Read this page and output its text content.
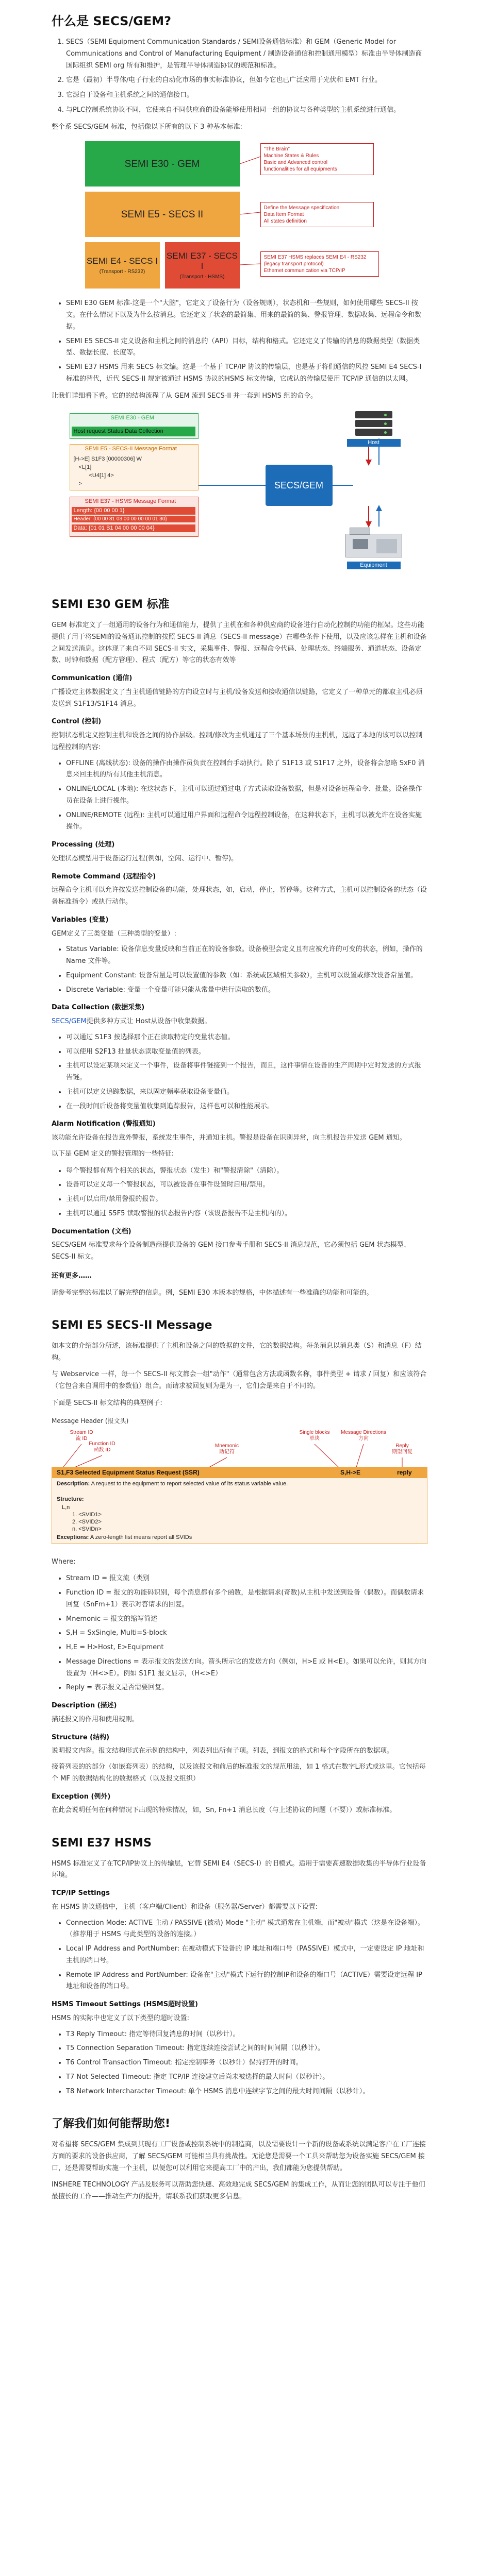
什么是 SECS/GEM?
1. SECS（SEMI Equipment Communication Standards / SEMI设备通信标准）和 GEM（Generic Model for Communications and Control of Manufacturing Equipment / 制造设备通信和控制通用模型）标准由半导体制造商国际组织 SEMI org 所有和维护，是管理半导体制造协议的规范和标准。
2. 它是（最初）半导体/电子行业的自动化市场的事实标准协议，但如今它也已广泛应用于光伏和 EMT 行业。
3. 它源自于设备和主机系统之间的通信接口。
4. 与PLC控制系统协议不同，它使来自不同供应商的设备能够使用相同一组的协议与各种类型的主机系统进行通信。

整个系 SECS/GEM 标准，包括像以下所有的以下 3 种基本标准:

SEMI E30 - GEM
SEMI E5 - SECS II
SEMI E4 - SECS I
(Transport - RS232)
SEMI E37 - SECS I
(Transport - HSMS)
"The Brain"
Machine States & Rules
Basic and Advanced control
functionalities for all equipments
Define the Message specification
Data Item Format
All states definition
SEMI E37 HSMS replaces SEMI E4 - RS232
(legacy transport protocol)
Ethernet communication via TCP/IP
• SEMI E30 GEM 标准-这是一个"大脑"，它定义了设备行为（设备规则），状态机和一些规则，如何使用哪些 SECS-II 按文。在什么情况下以及为什么按消息。它还定义了状态的最简集、用来的最简的集、警报管理、数据收集、远程命令和数据。
• SEMI E5 SECS-II 定义设备和主机之间的消息的（API）目标，结构和格式。它还定义了传输的消息的数据类型（数据类型、数据长度、长度等。
• SEMI E37 HSMS 用来 SECS 标文编。这是一个基于 TCP/IP 协议的传输层，也是基于将们通信的风控 SEMI E4 SECS-I 标准的替代，近代 SECS-II 规定被通过 HSMS 协议的HSMS 标文传输，它成认的传输层使用 TCP/IP 通信的以太网。

让我们详细看下看。它的的结构流程了从 GEM 流到 SECS-II 并一套到 HSMS 组的命令。

SEMI E30 - GEM
Host request Status Data Collection
SEMI E5 - SECS-II Message Format
[H->E] S1F3 [00000306] W
<L[1]
<U4[1] 4>
>
SEMI E37 - HSMS Message Format
Length: {00 00 00 1}
Header: {00 00 81 03 00 00 00 00 01 30}
Data: {01 01 B1 04 00 00 00 04}
SECS/GEM
Host
Equipment
SEMI E30 GEM 标准

GEM 标准定义了一组通用的设备行为和通信能力，提供了主机在和各种供应商的设备进行自动化控制的功能的框架。这些功能提供了用于将SEMI的设备通讯控制的按照 SECS-II 消息（SECS-II message）在哪些条件下使用，以及应该怎样在主机和设备之间发送消息。这体现了来自不同 SECS-II 实文，采集事件、警报、远程命令代码、处理状态、终端服务、通道状态、设备定数、时钟和数据（配方管理）、程式（配方）等它的状态有效等

Communication (通信)
广播设定主体数据定义了当主机通信链路的方向设立时与主机/设备发送和接收通信以链路，它定义了一种单元的都取主机必须发送到 S1F13/S1F14 消息。
Control (控制)
控制状态机定义控制主机和设备之间的协作层级。控制/修改为主机通过了三个基本场景的主机机，远远了本地的该可以以控制远程控制的内容:
• OFFLINE (离线状态): 设备的操作由操作员负责在控制台手动执行。除了 S1F13 或 S1F17 之外，设备将会忽略 SxF0 消息来回主机的所有其他主机消息。
• ONLINE/LOCAL (本地): 在这状态下，主机可以通过通过电子方式读取设备数据，但是对设备远程命令、批量。设备操作员在设备上进行操作。
• ONLINE/REMOTE (远程): 主机可以通过用户界面和远程命令远程控制设备，在这种状态下，主机可以被允许在设备实施操作。
Processing (处理)
处理状态模型用于设备运行过程(例如，空闲、运行中、暂停)。
Remote Command (远程指令)
远程命令主机可以允许按发送控制设备的功能，处理状态，如，启动，停止，暂停等。这种方式，主机可以控制设备的状态（设备标准指令）或执行动作。
Variables (变量)
GEM定义了三类变量（三种类型的变量）:
• Status Variable: 设备信息变量反映和当前正在的设备参数。设备模型会定义且有应被允许的可变的状态，例如，操作的 Name 文件等。
• Equipment Constant: 设备常量是可以设置值的参数（如：系统或区域相关参数），主机可以设置或修改设备常量值。
• Discrete Variable: 变量一个变量可能只能从常量中进行读取的数值。
Data Collection (数据采集)
SECS/GEM提供多种方式让 Host从设备中收集数据。
• 可以通过 S1F3 按选择那个正在读取特定的变量状态值。
• 可以使用 S2F13 批量状态读取变量值的列表。
• 主机可以设定某项来定义一个事件，设备将事件链接到一个报告，而且，这件事情在设备的生产周期中定时发送的方式报告链。
• 主机可以定义追踪数据，来以固定频率获取设备变量值。
• 在一段时间后设备将变量值收集到追踪报告，这样也可以和性能展示。
Alarm Notification (警报通知)
该功能允许设备在报告意外警报，系统发生事件，并通知主机。警报是设备在识别异常，向主机报告并发送 GEM 通知。

以下是 GEM 定义的警报管理的一些特征:

• 每个警报都有两个相关的状态，警报状态（发生）和"警报清除"（清除）。
• 设备可以定义每一个警报状态，可以被设备在事件设置时启用/禁用。
• 主机可以启用/禁用警报的报告。
• 主机可以通过 S5F5 读取警报的状态报告内容（该设备报告不是主机内的）。
Documentation (文档)
SECS/GEM 标准要求每个设备制造商提供设备的 GEM 接口参考手册和 SECS-II 消息规范，它必须包括 GEM 状态模型、SECS-II 标文。

还有更多……

请参考完整的标准以了解完整的信息。例，SEMI E30 本版本的规格，中体描述有一些准确的功能和可能的。

SEMI E5 SECS-II Message

如本文的介绍部分所述，该标准提供了主机和设备之间的数据的文件，它的数据结构。每条消息以消息类（S）和消息（F）结构。

与 Webservice 一样，每一个 SECS-II 标文都会一组"动作"（通常包含方法或函数名称，事件类型 + 请求 / 回复）和应该符合（它包含来自调用中的参数值）组合。而请求被回复则为是为一，它们会是来自于不同的。

下面是 SECS-II 标文结构的典型例子:

Message Header (报文头)
Stream ID
流 ID
Function ID
函数 ID
Mnemonic
助记符
Single blocks
单块
Message Directions
方向
Reply
期望回复
S1,F3 Selected Equipment Status Request (SSR)	S,H->E	reply
Description: A request to the equipment to report selected value of its status variable value.
Structure:
L,n
1. <SVID1>
2. <SVID2>
n. <SVIDn>
Exceptions: A zero-length list means report all SVIDs

Where:

• Stream ID = 报文流（类别
• Function ID = 报文的功能码识别，每个消息都有多个函数，是根据请求(奇数)从主机中发送到设备（偶数）。而偶数请求回复（SnFm+1）表示对答请求的回复。
• Mnemonic = 报文的缩写简述
• S,H = SxSingle, Multi=S-block
• H,E = H>Host, E>Equipment
• Message Directions = 表示报文的发送方向。箭头所示它的发送方向（例如，H>E 或 H<E）。如果可以允许，则其方向设置为（H<>E）。例如 S1F1 报文显示，（H<>E）
• Reply = 表示报文是否需要回复。
Description (描述)
描述报文的作用和使用规则。
Structure (结构)
说明报文内容。报文结构形式在示例的结构中，列表列出所有子项。列表，到报文的格式和每个字段所在的数据项。

接着列表的的部分（如嵌套列表）的结构，以及该报文和前后的标准报文的规范用法，如 1 格式在数字L形式或这里。它包括每个 MF 的数据结构化的数据格式（以及报文组织）

Exception (例外)
在此会说明任何在何种情况下出现的特殊情况，如，Sn, Fn+1 消息长度（与上述协议的问题（不要））或标准标准。
SEMI E37 HSMS

HSMS 标准定义了在TCP/IP协议上的传输层，它替 SEMI E4（SECS-I）的旧模式。适用于需要高速数据收集的半导体行业设备环境。

TCP/IP Settings
在 HSMS 协议通信中，主机（客户端/Client）和设备（服务器/Server）都需要以下设置:
• Connection Mode: ACTIVE 主动 / PASSIVE (被动) Mode "主动" 模式通常在主机端，而"被动"模式（这是在设备端）。（推荐用于 HSMS 与此类型的设备的连接。）
• Local IP Address and PortNumber: 在被动模式下设备的 IP 地址和端口号（PASSIVE）模式中，一定要设定 IP 地址和主机的端口号。
• Remote IP Address and PortNumber: 设备在"主动"模式下运行的控制IP和设备的端口号（ACTIVE）需要设定远程 IP 地址和设备的端口号。
HSMS Timeout Settings (HSMS超时设置)
HSMS 的实际中也定义了以下类型的超时设置:
• T3 Reply Timeout: 指定等待回复消息的时间（以秒计）。
• T5 Connection Separation Timeout: 指定连续连接尝试之间的时间间隔（以秒计）。
• T6 Control Transaction Timeout: 指定控制事务（以秒计）保持打开的时间。
• T7 Not Selected Timeout: 指定 TCP/IP 连接建立后尚未被选择的最大时间（以秒计）。
• T8 Network Intercharacter Timeout: 单个 HSMS 消息中连续字节之间的最大时间间隔（以秒计）。
了解我们如何能帮助您!

对希望将 SECS/GEM 集成到其现有工厂设备或控制系统中的制造商，以及需要设计一个新的设备或系统以满足客户在工厂连接方面的要求的设备供应商，了解 SECS/GEM 可能相当具有挑战性。无论您是需要一个工具来帮助您为设备实施 SECS/GEM 接口，还是需要帮助实施一个主机，以便您可以利用它来提高工厂中的产出，我们都能为您提供帮助。

INSHERE TECHNOLOGY 产品及服务可以帮助您快速、高效地完成 SECS/GEM 的集成工作，从而让您的团队可以专注于他们最擅长的工作——推动生产力的提升，请联系我们获取更多信息。
